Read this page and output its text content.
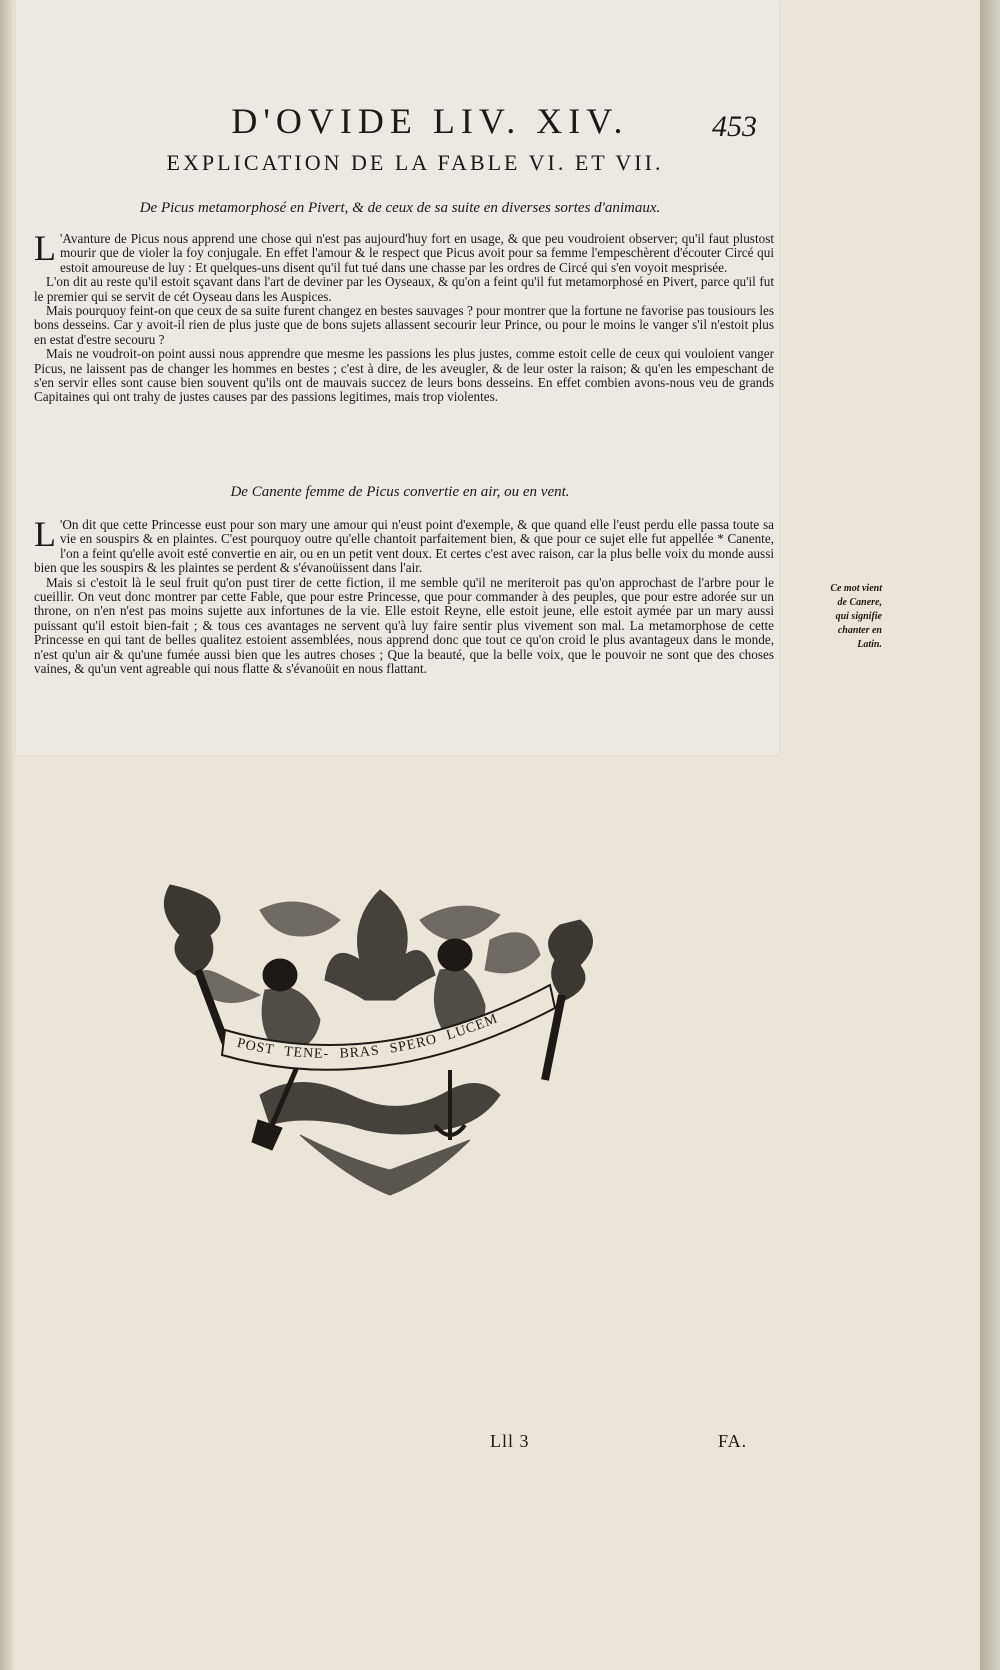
D'OVIDE LIV. XIV.	453
EXPLICATION DE LA FABLE VI. ET VII.
De Picus metamorphosé en Pivert, & de ceux de sa suite en diverses sortes d'animaux.

L 'Avanture de Picus nous apprend une chose qui n'est pas aujourd'huy fort en usage, & que peu voudroient observer; qu'il faut plustost mourir que de violer la foy conjugale. En effet l'amour & le respect que Picus avoit pour sa femme l'empeschèrent d'écouter Circé qui estoit amoureuse de luy : Et quelques-uns disent qu'il fut tué dans une chasse par les ordres de Circé qui s'en voyoit mesprisée.

L'on dit au reste qu'il estoit sçavant dans l'art de deviner par les Oyseaux, & qu'on a feint qu'il fut metamorphosé en Pivert, parce qu'il fut le premier qui se servit de cét Oyseau dans les Auspices.

Mais pourquoy feint-on que ceux de sa suite furent changez en bestes sauvages ? pour montrer que la fortune ne favorise pas tousiours les bons desseins. Car y avoit-il rien de plus juste que de bons sujets allassent secourir leur Prince, ou pour le moins le vanger s'il n'estoit plus en estat d'estre secouru ?

Mais ne voudroit-on point aussi nous apprendre que mesme les passions les plus justes, comme estoit celle de ceux qui vouloient vanger Picus, ne laissent pas de changer les hommes en bestes ; c'est à dire, de les aveugler, & de leur oster la raison; & qu'en les empeschant de s'en servir elles sont cause bien souvent qu'ils ont de mauvais succez de leurs bons desseins. En effet combien avons-nous veu de grands Capitaines qui ont trahy de justes causes par des passions legitimes, mais trop violentes.

De Canente femme de Picus convertie en air, ou en vent.

L 'On dit que cette Princesse eust pour son mary une amour qui n'eust point d'exemple, & que quand elle l'eust perdu elle passa toute sa vie en souspirs & en plaintes. C'est pourquoy outre qu'elle chantoit parfaitement bien, & que pour ce sujet elle fut appellée * Canente, l'on a feint qu'elle avoit esté convertie en air, ou en un petit vent doux. Et certes c'est avec raison, car la plus belle voix du monde aussi bien que les souspirs & les plaintes se perdent & s'évanoüissent dans l'air.

Mais si c'estoit là le seul fruit qu'on pust tirer de cette fiction, il me semble qu'il ne meriteroit pas qu'on approchast de l'arbre pour le cueillir. On veut donc montrer par cette Fable, que pour estre Princesse, que pour commander à des peuples, que pour estre adorée sur un throne, on n'en n'est pas moins sujette aux infortunes de la vie. Elle estoit Reyne, elle estoit jeune, elle estoit aymée par un mary aussi puissant qu'il estoit bien-fait ; & tous ces avantages ne servent qu'à luy faire sentir plus vivement son mal. La metamorphose de cette Princesse en qui tant de belles qualitez estoient assemblées, nous apprend donc que tout ce qu'on croid le plus avantageux dans le monde, n'est qu'un air & qu'une fumée aussi bien que les autres choses ; Que la beauté, que la belle voix, que le pouvoir ne sont que des choses vaines, & qu'un vent agreable qui nous flatte & s'évanoüit en nous flattant.

Ce mot vient
de Canere,
qui signifie
chanter en
Latin.
POST TENE- BRAS SPERO LUCEM
Lll 3	FA.
